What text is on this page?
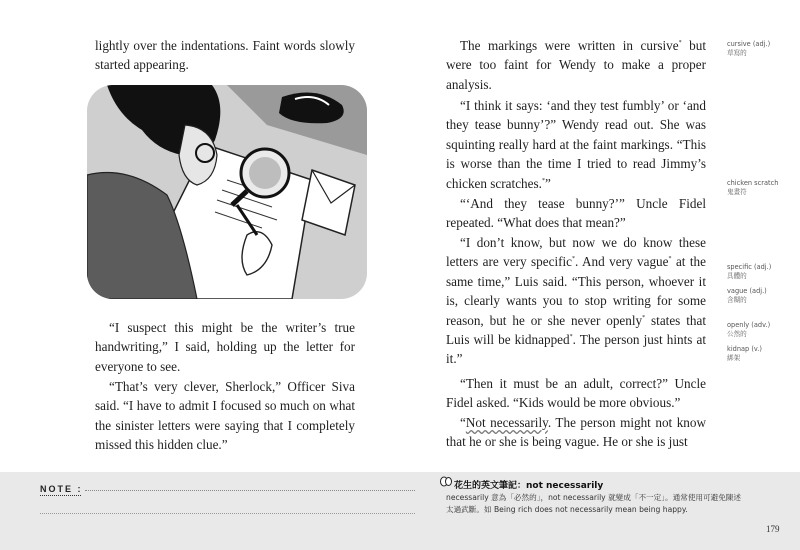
lightly over the indentations. Faint words slowly started appearing.

“I suspect this might be the writer’s true handwriting,” I said, holding up the letter for everyone to see.

“That’s very clever, Sherlock,” Officer Siva said. “I have to admit I focused so much on what the sinister letters were saying that I completely missed this hidden clue.”

The markings were written in cursive* but were too faint for Wendy to make a proper analysis.

“I think it says: ‘and they test fumbly’ or ‘and they tease bunny’?” Wendy read out. She was squinting really hard at the faint markings. “This is worse than the time I tried to read Jimmy’s chicken scratches.*”

“‘And they tease bunny?’” Uncle Fidel repeated. “What does that mean?”

“I don’t know, but now we do know these letters are very specific*. And very vague* at the same time,” Luis said. “This person, whoever it is, clearly wants you to stop writing for some reason, but he or she never openly* states that Luis will be kidnapped*. The person just hints at it.”

“Then it must be an adult, correct?” Uncle Fidel asked. “Kids would be more obvious.”

“Not necessarily. The person might not know that he or she is being vague. He or she is just

cursive (adj.)
草寫的
chicken scratch
鬼畫符
specific (adj.)
具體的
vague (adj.)
含糊的
openly (adv.)
公然的
kidnap (v.)
綁架
NOTE :	花生的英文筆記：not necessarily
necessarily 意為「必然的」，not necessarily 就變成「不一定」。通常使用可避免陳述太過武斷。如 Being rich does not necessarily mean being happy.
179
